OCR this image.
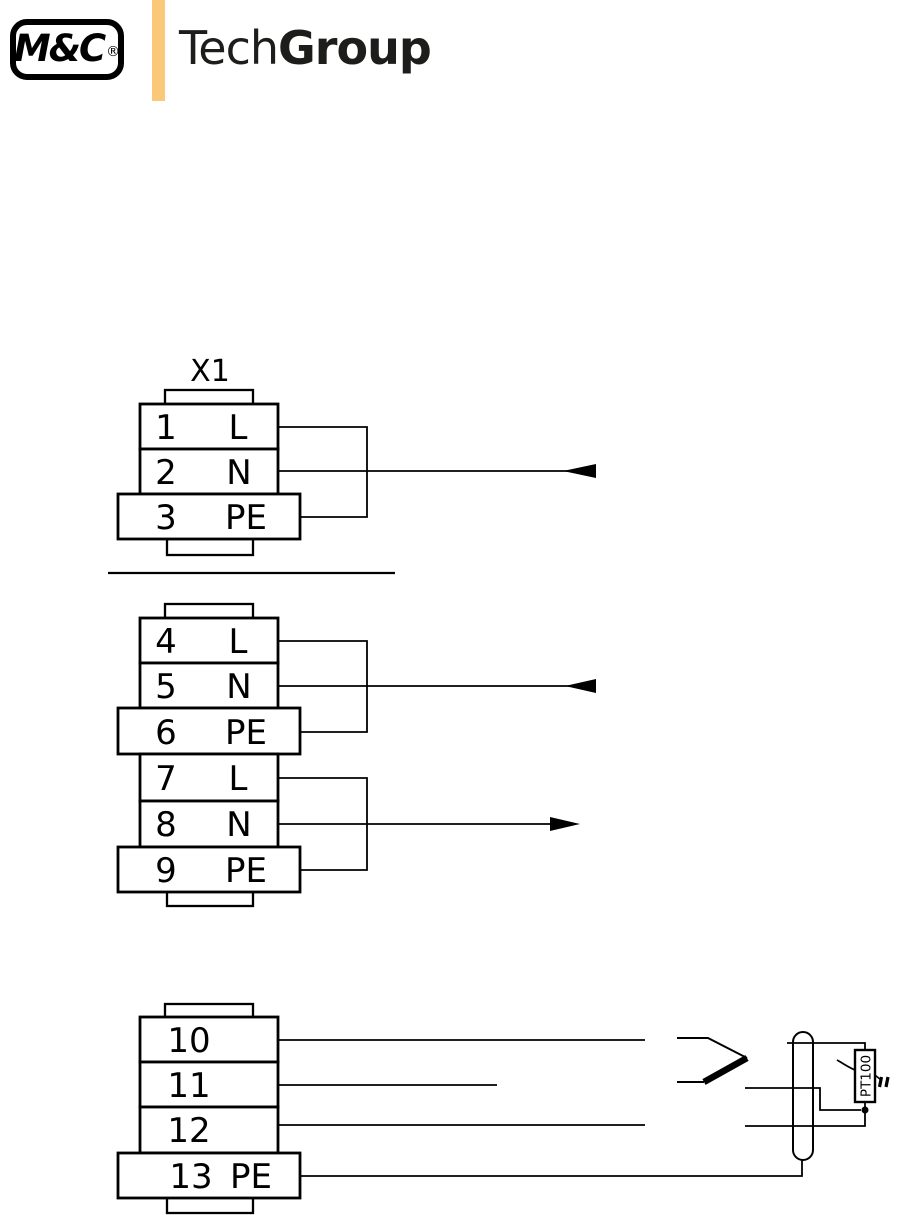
M&C ® TechGroup
X1
1 L
2 N
3 PE
4 L
5 N
6 PE
7 L
8 N
9 PE
10
11
12
13 PE
PT100
